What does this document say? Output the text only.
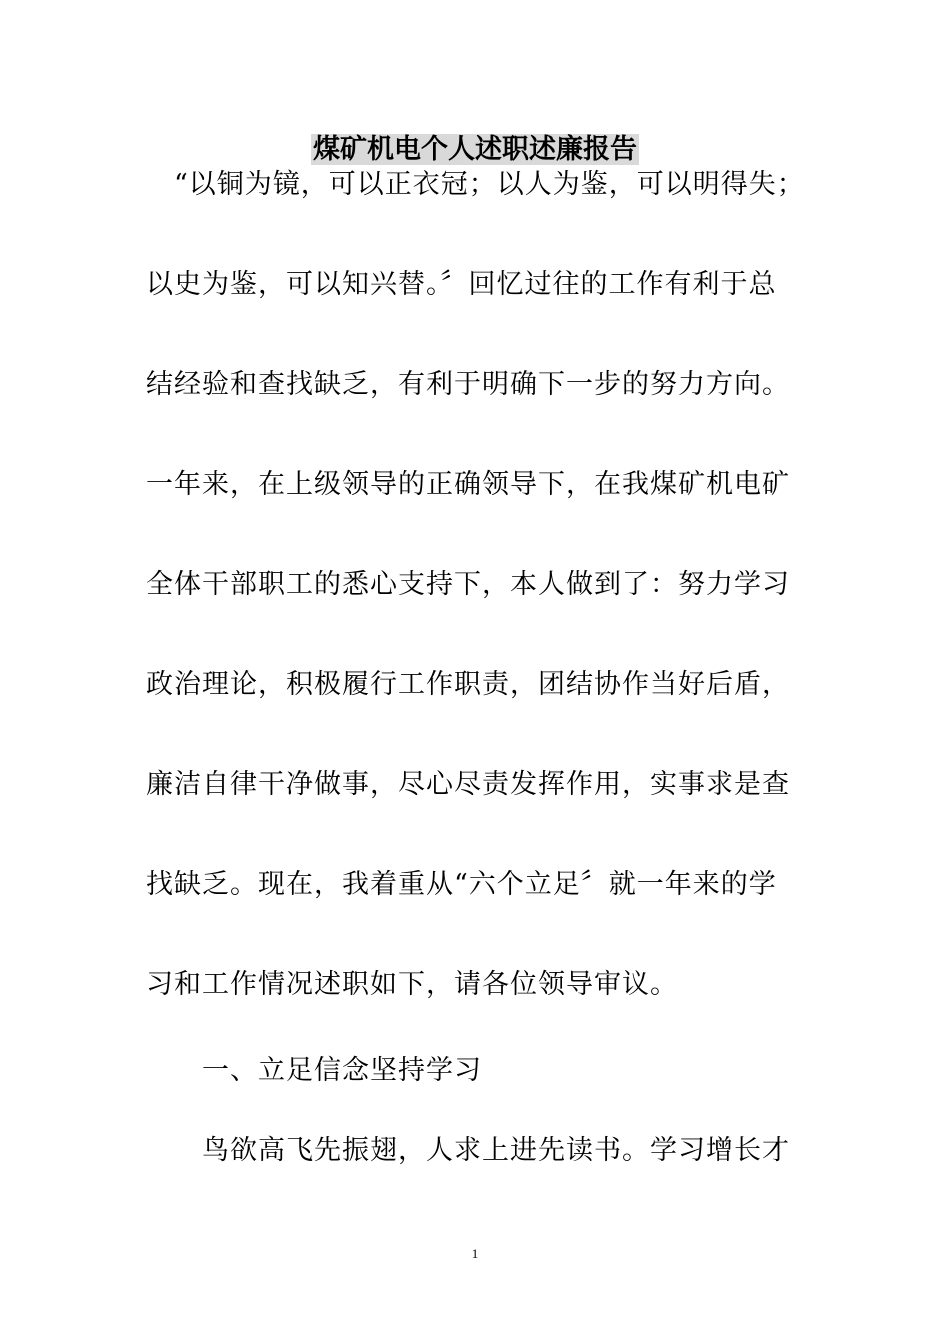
煤矿机电个人述职述廉报告
　“以铜为镜，可以正衣冠；以人为鉴，可以明得失；
以史为鉴，可以知兴替。〞回忆过往的工作有利于总
结经验和查找缺乏，有利于明确下一步的努力方向。
一年来，在上级领导的正确领导下，在我煤矿机电矿
全体干部职工的悉心支持下，本人做到了：努力学习
政治理论，积极履行工作职责，团结协作当好后盾，
廉洁自律干净做事，尽心尽责发挥作用，实事求是查
找缺乏。现在，我着重从“六个立足〞就一年来的学
习和工作情况述职如下，请各位领导审议。
　　一、立足信念坚持学习
　　鸟欲高飞先振翅，人求上进先读书。学习增长才
1
